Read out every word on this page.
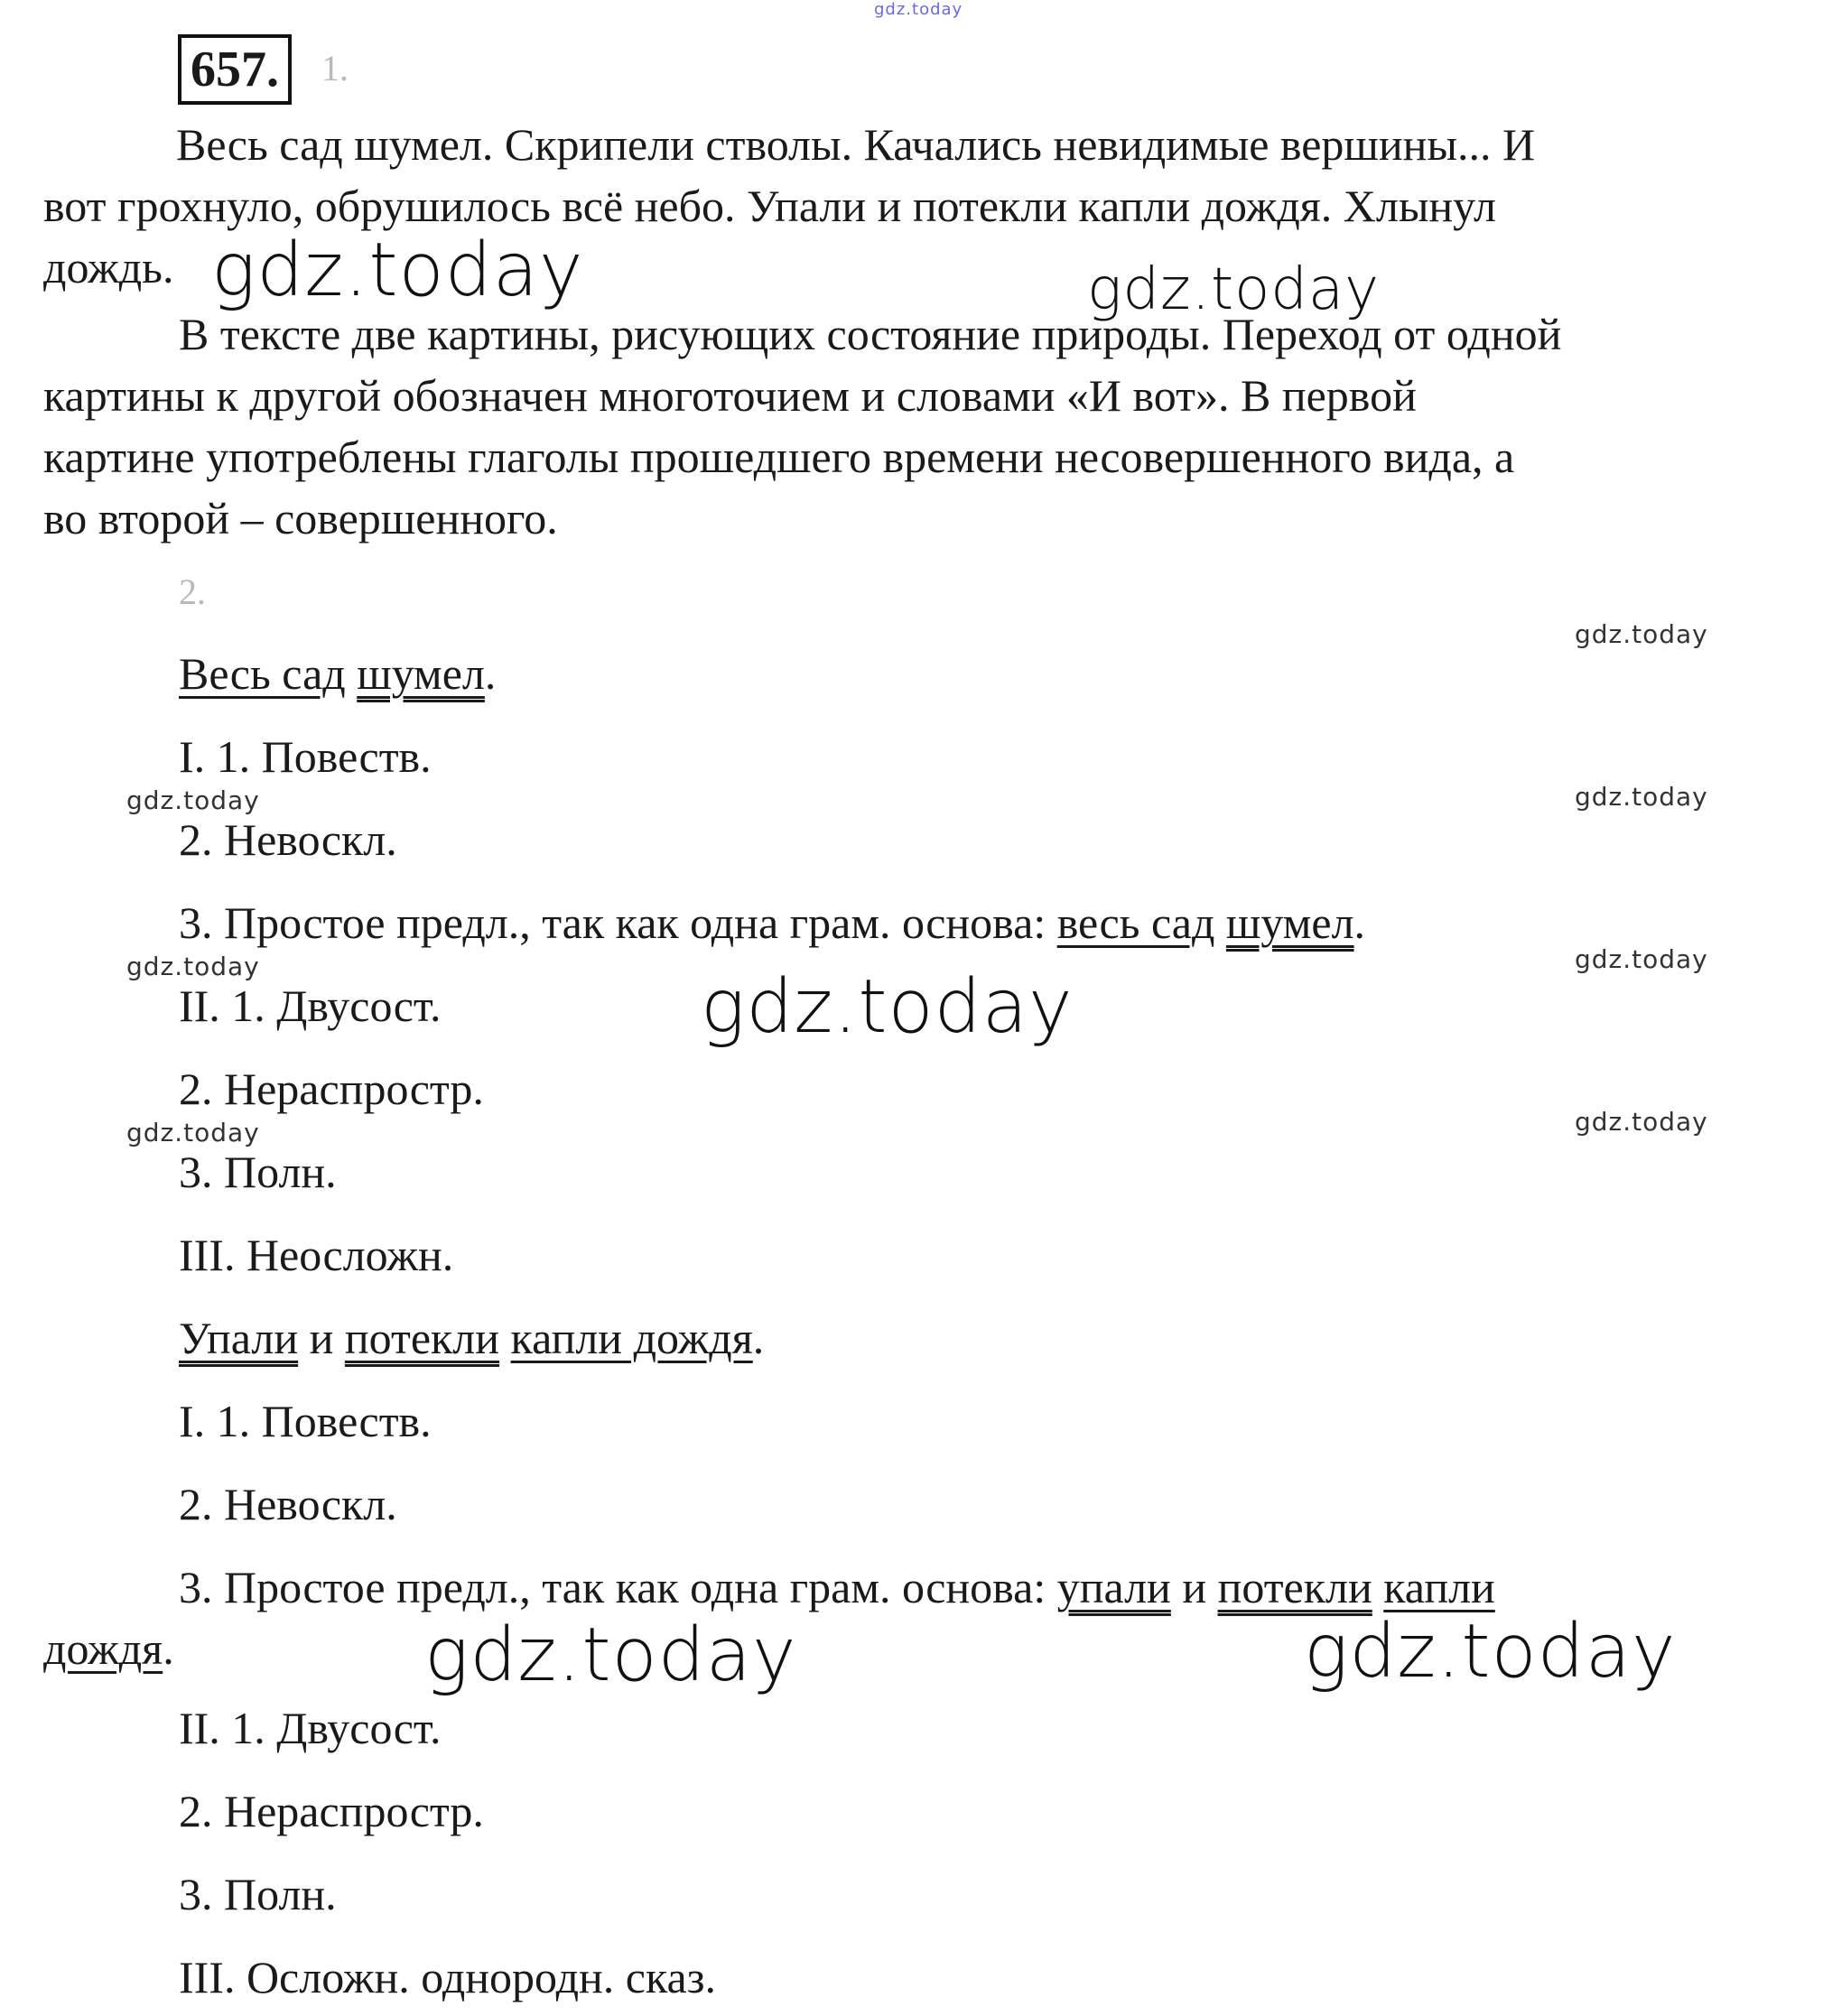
gdz.today
657.	1.
Весь сад шумел. Скрипели стволы. Качались невидимые вершины... И
вот грохнуло, обрушилось всё небо. Упали и потекли капли дождя. Хлынул
дождь.
В тексте две картины, рисующих состояние природы. Переход от одной
картины к другой обозначен многоточием и словами «И вот». В первой
картине употреблены глаголы прошедшего времени несовершенного вида, а
во второй – совершенного.
2.
Весь сад шумел.
I. 1. Повеств.
2. Невоскл.
3. Простое предл., так как одна грам. основа: весь сад шумел.
II. 1. Двусост.
2. Нераспростр.
3. Полн.
III. Неосложн.
Упали и потекли капли дождя.
I. 1. Повеств.
2. Невоскл.
3. Простое предл., так как одна грам. основа: упали и потекли капли
дождя.
II. 1. Двусост.
2. Нераспростр.
3. Полн.
III. Осложн. однородн. сказ.
gdz.today	gdz.today
gdz.today
gdz.today	gdz.today
gdz.today	gdz.today
gdz.today
gdz.today	gdz.today
gdz.today	gdz.today
